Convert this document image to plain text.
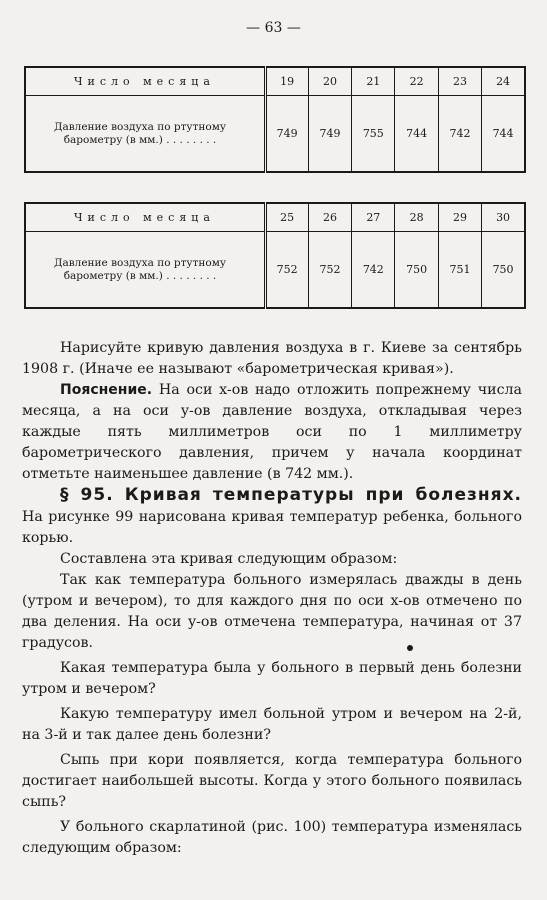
— 63 —
Число месяца	19	20	21	22	23	24
Давление воздуха по ртутному барометру (в мм.) . . . . . . . .	749	749	755	744	742	744
Число месяца	25	26	27	28	29	30
Давление воздуха по ртутному барометру (в мм.) . . . . . . . .	752	752	742	750	751	750

Нарисуйте кривую давления воздуха в г. Киеве за сентябрь 1908 г. (Иначе ее называют «барометрическая кривая»).

Пояснение. На оси x-ов надо отложить попрежнему числа месяца, а на оси y-ов давление воздуха, откладывая через каждые пять миллиметров оси по 1 миллиметру барометрического давления, причем у начала координат отметьте наименьшее давление (в 742 мм.).

§ 95. Кривая температуры при болезнях. На рисунке 99 нарисована кривая температур ребенка, больного корью.

Составлена эта кривая следующим образом:

Так как температура больного измерялась дважды в день (утром и вечером), то для каждого дня по оси x-ов отмечено по два деления. На оси y-ов отмечена температура, начиная от 37 градусов.

Какая температура была у больного в первый день болезни утром и вечером?

Какую температуру имел больной утром и вечером на 2-й, на 3-й и так далее день болезни?

Сыпь при кори появляется, когда температура больного достигает наибольшей высоты. Когда у этого больного появилась сыпь?

У больного скарлатиной (рис. 100) температура изменялась следующим образом:
